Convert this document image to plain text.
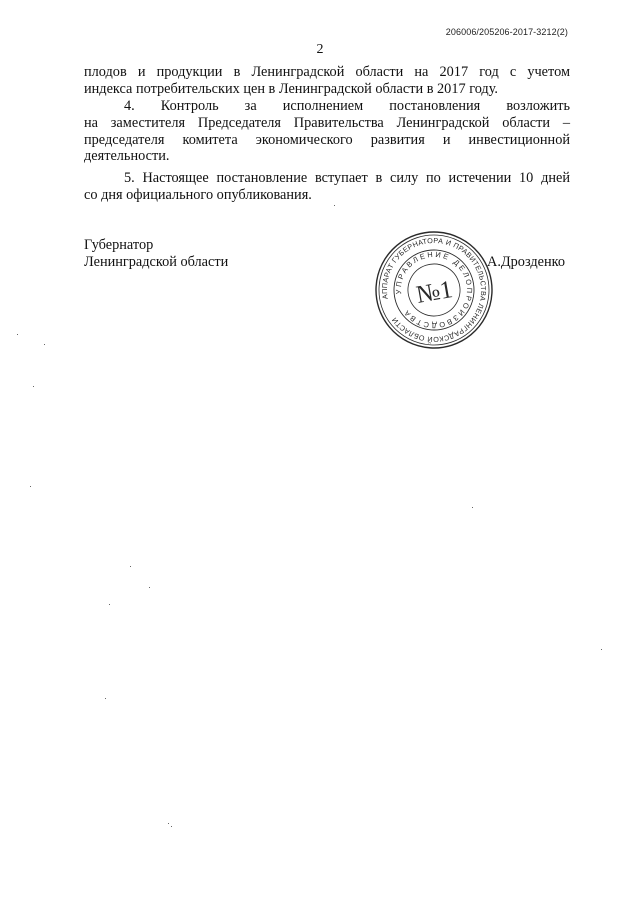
206006/205206-2017-3212(2)
2
плодов и продукции в Ленинградской области на 2017 год с учетом
индекса потребительских цен в Ленинградской области в 2017 году.
4. Контроль за исполнением постановления возложить
на заместителя Председателя Правительства Ленинградской области –
председателя комитета экономического развития и инвестиционной
деятельности.
5. Настоящее постановление вступает в силу по истечении 10 дней
со дня официального опубликования.
Губернатор
Ленинградской области
АППАРАТ ГУБЕРНАТОРА И ПРАВИТЕЛЬСТВА ЛЕНИНГРАДСКОЙ ОБЛАСТИ
УПРАВЛЕНИЕ ДЕЛОПРОИЗВОДСТВА
№1
А.Дрозденко
